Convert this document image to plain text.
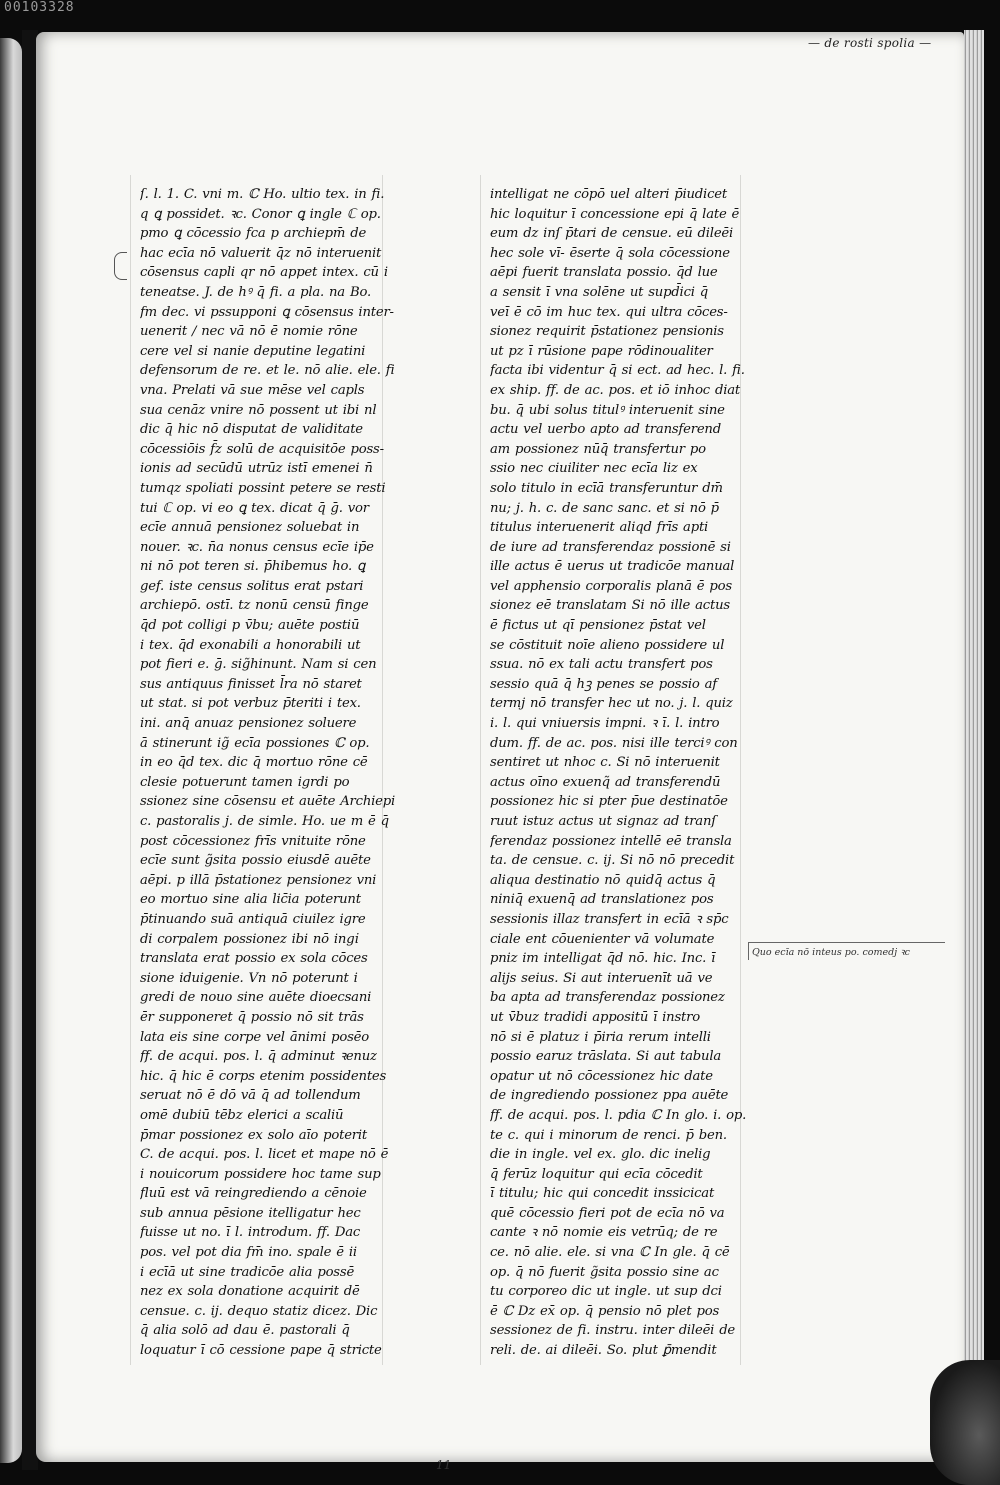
00103328
— de rosti spolia —
ſ. l. 1. C. vni m. ℂ Ho. ultio tex. in fi.
q ꝗ possidet. ꝛc. Conor ꝗ ingle ℂ op.
pmo ꝗ cōcessio fca p archiepm̄ de
hac ecīa nō valuerit q̄z nō interuenit
cōsensus capli qr nō appet intex. cū i
teneatse. J. de hꝰ q̄ fi. a pla. na Bo.
fm dec. vi pssupponi ꝗ cōsensus inter-
uenerit / nec vā nō ē nomie rōne
cere vel si nanie deputine legatini
defensorum de re. et le. nō alie. ele. fi
vna. Prelati vā sue mēse vel capls
sua cenāz vnire nō possent ut ibi nl
dic q̄ hic nō disputat de validitate
cōcessiōis f̄z solū de acquisitōe poss-
ionis ad secūdū utrūz istī emenei n̄
tumqz spoliati possint petere se resti
tui ℂ op. vi eo ꝗ tex. dicat q̄ ḡ. vor
ecīe annuā pensionez soluebat in
nouer. ꝛc. n̄a nonus census ecīe ip̄e
ni nō pot teren si. p̄hibemus ho. ꝗ
gef. iste census solitus erat pstari
archiepō. ostī. tz nonū censū finge
q̄d pot colligi p v̄bu; auēte postiū
i tex. q̄d exonabili a honorabili ut
pot fieri e. ḡ. sig̃hinunt. Nam si cen
sus antiquus finisset l̄ra nō staret
ut stat. si pot verbuz p̄teriti i tex.
ini. anq̄ anuaz pensionez soluere
ā stinerunt ig̃ ecīa possiones ℂ op.
in eo q̄d tex. dic q̄ mortuo rōne cē
clesie potuerunt tamen igrdi po
ssionez sine cōsensu et auēte Archiepi
c. pastoralis j. de simle. Ho. ue m ē q̄
post cōcessionez frīs vnituite rōne
ecīe sunt g̃sita possio eiusdē auēte
aēpi. p illā p̄stationez pensionez vni
eo mortuo sine alia lic̄ia poterunt
p̄tinuando suā antiquā ciuilez igre
di corpalem possionez ibi nō ingi̇
translata erat possio ex sola cōces
sione iduigenie. Vn nō poterunt i
gredi de nouo sine auēte dioecsani
ēr supponeret q̄ possio nō sit trās
lata eis sine corpe vel ānimi posēo
ff. de acqui. pos. l. q̄ adminut ꝛenuz
hic. q̄ hic ē corps etenim possidentes
seruat nō ē dō vā q̄ ad tollendum
omē dubiū tēbz elerici a scaliū
p̄mar possionez ex solo aīo poterit
C. de acqui. pos. l. licet et mape nō ē
i nouicorum possidere hoc tame sup
fluū est vā reingrediendo a cēnoie
sub annua pēsione itelligatur hec
fuisse ut no. ī l. introdum. ff. Dac
pos. vel pot dia fm̄ ino. spale ē ii
i ecīā ut sine tradicōe alia possē
nez ex sola donatione acquirit dē
censue. c. ij. dequo statiz dicez. Dic
q̄ alia solō ad dau ē. pastorali q̄
loquatur ī cō cessione pape q̄ stricte
intelligat ne cōpō uel alteri p̄iudicet
hic loquitur ī concessione epi q̄ late ē
eum dz inſ p̄tari de censue. eū dileēi
hec sole vī- ēserte q̄ sola cōcessione
aēpi fuerit translata possio. q̄d lue
a sensit ī vna solēne ut supd̄ici q̄
veī ē cō im huc tex. qui ultra cōces-
sionez requirit p̄stationez pensionis
ut pz ī rūsione pape rōdinoualiter
facta ibi videntur q̄ si ect. ad hec. l. fi.
ex ship. ff. de ac. pos. et iō inhoc diat
bu. q̄ ubi solus titulꝰ interuenit sine
actu vel uerbo apto ad transferend
am possionez nūq̄ transfertur po
ssio nec ciuiliter nec ecīa liz ex
solo titulo in ecīā transferuntur dm̄
nu; j. h. c. de sanc sanc. et si nō p̄
titulus interuenerit aliqd frīs apti
de iure ad transferendaz possionē si
ille actus ē uerus ut tradicōe manual
vel apphensio corporalis planā ē pos
sionez eē translatam Si nō ille actus
ē fictus ut qī pensionez p̄stat vel
se cōstituit noīe alieno possidere ul
ssua. nō ex tali actu transfert pos
sessio quā q̄ hꝫ penes se possio af
termj nō transfer hec ut no. j. l. quiz
i. l. qui vniuersis impni. ꝛ ī. l. intro
dum. ff. de ac. pos. nisi ille terciꝰ con
sentiret ut nhoc c. Si nō interuenit
actus oīno exuenq̃ ad transferendū
possionez hic si pter p̄ue destinatōe
ruut istuz actus ut signaz ad tranſ
ferendaz possionez intellē eē transla
ta. de censue. c. ij. Si nō nō precedit
aliqua destinatio nō quidq̄ actus q̄
niniq̄ exuenq̄ ad translationez pos
sessionis illaz transfert in ecīā ꝛ sp̄c
ciale ent cōuenienter vā volumate
pniz im intelligat q̄d nō. hic. Inc. ī
alijs seius. Si aut interuenīt uā ve
ba apta ad transferendaz possionez
ut v̄buz tradidi appositū ī instro
nō si ē platuz i p̄iria rerum intelli
possio earuz trāslata. Si aut tabula
opatur ut nō cōcessionez hic date
de ingrediendo possionez ppa auēte
ff. de acqui. pos. l. pdia ℂ In glo. i. op.
te c. qui i minorum de renci. p̄ ben.
die in ingle. vel ex. glo. dic inelig
q̄ ferūz loquitur qui ecīa cōcedit
ī titulu; hic qui concedit inssicicat
quē cōcessio fieri pot de ecīa nō va
cante ꝛ nō nomie eis vetrūq; de re
ce. nō alie. ele. si vna ℂ In gle. q̄ cē
op. q̄ nō fuerit g̃sita possio sine ac
tu corporeo dic ut ingle. ut sup dci
ē ℂ Dz ex̄ op. q̄ pensio nō plet pos
sessionez de fi. instru. inter dileēi de
reli. de. ai dileēi. So. plut ꝑ̄mendit
Quo ecīa nō inteus po. comedj ꝛc
11
